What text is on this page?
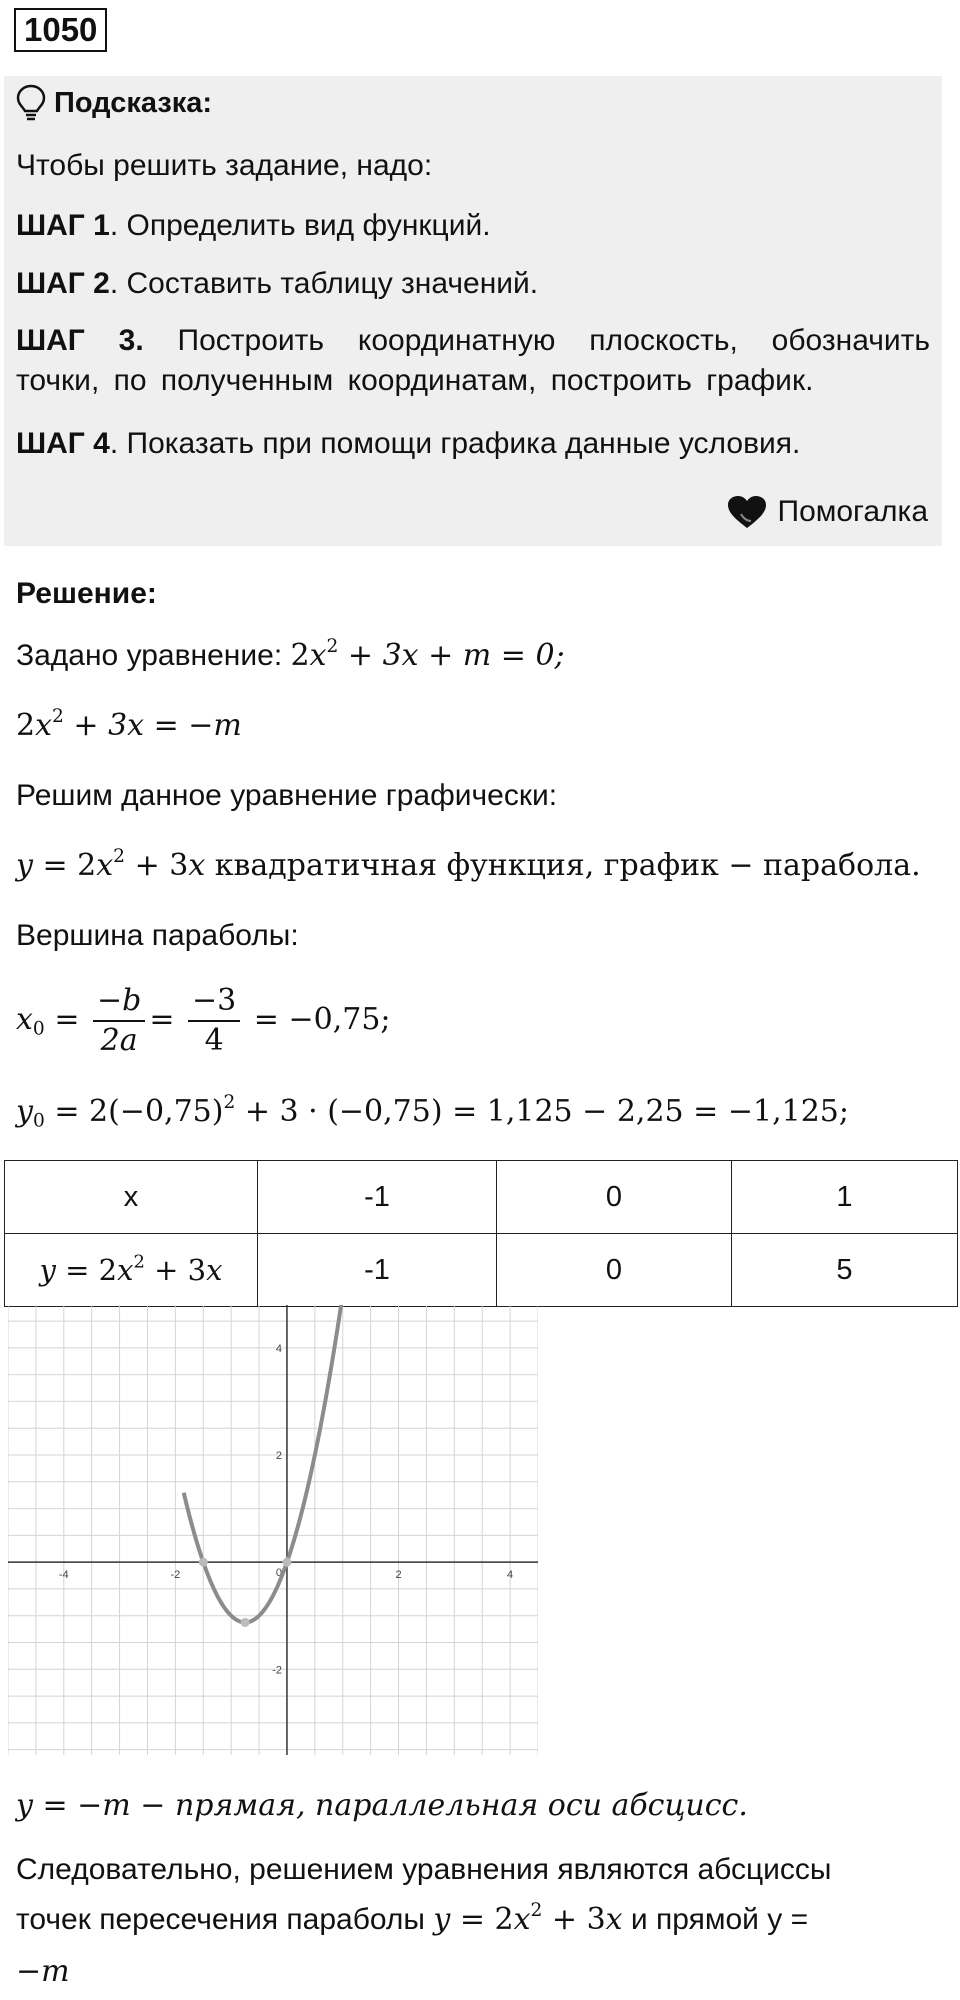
1050
Подсказка:
Чтобы решить задание, надо:
ШАГ 1. Определить вид функций.
ШАГ 2. Составить таблицу значений.
ШАГ 3. Построить координатную плоскость, обозначить точки, по полученным координатам, построить график.
ШАГ 4. Показать при помощи графика данные условия.
Помогалка
Решение:
Задано уравнение: $2x^2 + 3x + m = 0$;
$2x^2 + 3x = -m$
Решим данное уравнение графически:
$y = 2x^2 + 3x$ квадратичная функция, график − парабола.
Вершина параболы:
$x_0 = \frac{-b}{2a} = \frac{-3}{4} = -0,75$;
$y_0 = 2(-0,75)^2 + 3 \cdot (-0,75) = 1,125 - 2,25 = -1,125$;
x	-1	0	1
$y = 2x^2 + 3x$	-1	0	5
-4	-2	2	4
-2
2
4
0
y = −m − прямая, параллельная оси абсцисс.
Следовательно, решением уравнения являются абсциссы
точек пересечения параболы $y = 2x^2 + 3x$ и прямой y =
−m
